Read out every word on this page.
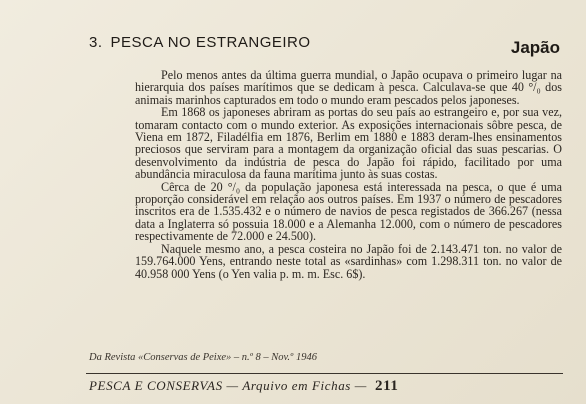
3. PESCA NO ESTRANGEIRO	Japão

Pelo menos antes da última guerra mundial, o Japão ocupava o primeiro lugar na hierarquia dos países marítimos que se dedicam à pesca. Calculava-se que 40 °/₀ dos animais marinhos capturados em todo o mundo eram pescados pelos japoneses.

Em 1868 os japoneses abriram as portas do seu país ao estrangeiro e, por sua vez, tomaram contacto com o mundo exterior. As exposições internacionais sôbre pesca, de Viena em 1872, Filadélfia em 1876, Berlim em 1880 e 1883 deram-lhes ensinamentos preciosos que serviram para a montagem da organização oficial das suas pescarias. O desenvolvimento da indústria de pesca do Japão foi rápido, facilitado por uma abundância miraculosa da fauna marítima junto às suas costas.

Cêrca de 20 °/₀ da população japonesa está interessada na pesca, o que é uma proporção considerável em relação aos outros países. Em 1937 o número de pescadores inscritos era de 1.535.432 e o número de navios de pesca registados de 366.267 (nessa data a Inglaterra só possuia 18.000 e a Alemanha 12.000, com o número de pescadores respectivamente de 72.000 e 24.500).

Naquele mesmo ano, a pesca costeira no Japão foi de 2.143.471 ton. no valor de 159.764.000 Yens, entrando neste total as «sardinhas» com 1.298.311 ton. no valor de 40.958 000 Yens (o Yen valia p. m. m. Esc. 6$).

Da Revista «Conservas de Peixe» – n.º 8 – Nov.º 1946
PESCA E CONSERVAS — Arquivo em Fichas — 211
